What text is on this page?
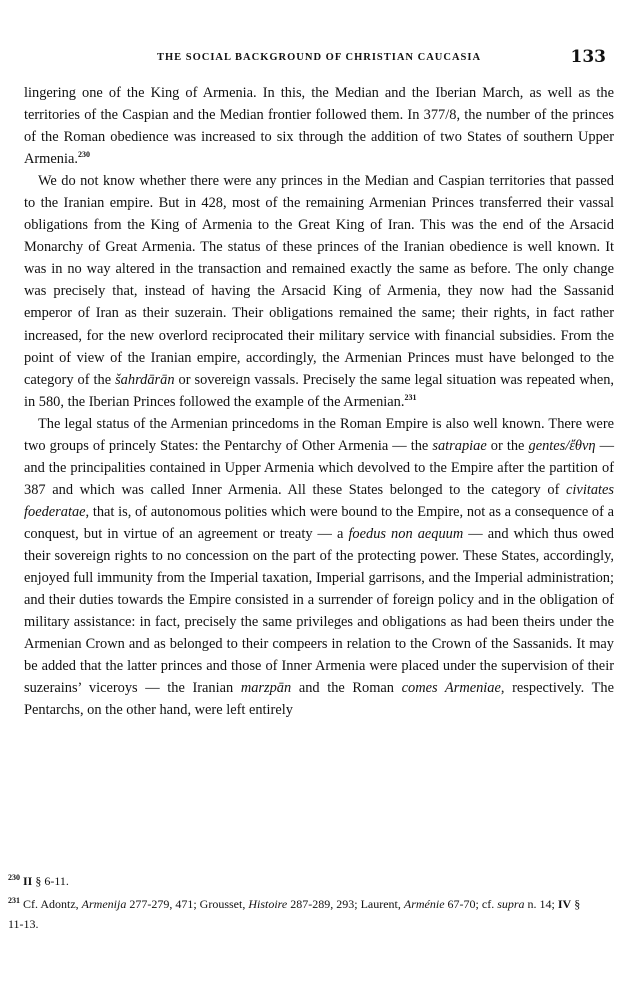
THE SOCIAL BACKGROUND OF CHRISTIAN CAUCASIA	133

lingering one of the King of Armenia. In this, the Median and the Iberian March, as well as the territories of the Caspian and the Median frontier followed them. In 377/8, the number of the princes of the Roman obedience was increased to six through the addition of two States of southern Upper Armenia.$^{230}$

We do not know whether there were any princes in the Median and Caspian territories that passed to the Iranian empire. But in 428, most of the remaining Armenian Princes transferred their vassal obligations from the King of Armenia to the Great King of Iran. This was the end of the Arsacid Monarchy of Great Armenia. The status of these princes of the Iranian obedience is well known. It was in no way altered in the transaction and remained exactly the same as before. The only change was precisely that, instead of having the Arsacid King of Armenia, they now had the Sassanid emperor of Iran as their suzerain. Their obligations remained the same; their rights, in fact rather increased, for the new overlord reciprocated their military service with financial subsidies. From the point of view of the Iranian empire, accordingly, the Armenian Princes must have belonged to the category of the šahrdārān or sovereign vassals. Precisely the same legal situation was repeated when, in 580, the Iberian Princes followed the example of the Armenian.$^{231}$

The legal status of the Armenian princedoms in the Roman Empire is also well known. There were two groups of princely States: the Pentarchy of Other Armenia — the satrapiae or the gentes/ἔθνη — and the principalities contained in Upper Armenia which devolved to the Empire after the partition of 387 and which was called Inner Armenia. All these States belonged to the category of civitates foederatae, that is, of autonomous polities which were bound to the Empire, not as a consequence of a conquest, but in virtue of an agreement or treaty — a foedus non aequum — and which thus owed their sovereign rights to no concession on the part of the protecting power. These States, accordingly, enjoyed full immunity from the Imperial taxation, Imperial garrisons, and the Imperial administration; and their duties towards the Empire consisted in a surrender of foreign policy and in the obligation of military assistance: in fact, precisely the same privileges and obligations as had been theirs under the Armenian Crown and as belonged to their compeers in relation to the Crown of the Sassanids. It may be added that the latter princes and those of Inner Armenia were placed under the supervision of their suzerains’ viceroys — the Iranian marzpān and the Roman comes Armeniae, respectively. The Pentarchs, on the other hand, were left entirely

$^{230}$ II § 6-11.
$^{231}$ Cf. Adontz, Armenija 277-279, 471; Grousset, Histoire 287-289, 293; Laurent, Arménie 67-70; cf. supra n. 14; IV § 11-13.
